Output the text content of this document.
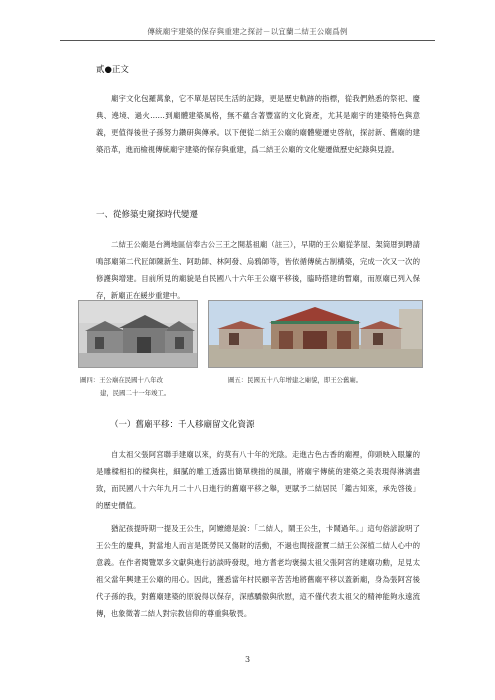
傳統廟宇建築的保存與重建之探討－以宜蘭二結王公廟爲例
貳●正文
廟宇文化包羅萬象，它不單是居民生活的記錄，更是歷史軌跡的指標，從我們熟悉的祭祀、慶典、遶境、過火……到廟體建築風格，無不蘊含著豐富的文化資產，尤其是廟宇的建築特色與意義，更值得後世子孫努力鑽研與傳承。以下便從二結王公廟的廟體變遷史啓航，探討新、舊廟的建築沿革，進而檢視傳統廟宇建築的保存與重建，爲二結王公廟的文化變遷做歷史紀錄與見證。
一、從修築史窺探時代變遷
二結王公廟是台灣地區信奉古公三王之開基祖廟（註三），早期的王公廟從茅屋、架筒厝到聘請鳴部廟第二代匠師陳新生、阿助師、林阿發、烏鴉師等，皆依循傳統古制構築，完成一次又一次的修護與增建。目前所見的廟貌是自民國八十六年王公廟平移後，臨時搭建的暫廟，而原廟已列入保存，新廟正在緩步重建中。
圖四：王公廟在民國十八年改
建，民國二十一年竣工。
圖五：民國五十八年增建之廟貌，即王公舊廟。
（一）舊廟平移：千人移廟留文化資源
自太祖父張阿宮聯手建廟以來，約莫有八十年的光陰。走進古色古香的廟裡，仰頭映入眼簾的是雕樑相扣的樑與柱，細膩的雕工透露出簡單樸拙的風韻，將廟宇傳統的建築之美表現得淋漓盡致，而民國八十六年九月二十八日進行的舊廟平移之舉，更賦予二結居民「鑑古知來，承先啓後」的歷史價值。
猶記孩提時期一提及王公生，阿嬤總是說：「二結人，鬧王公生，卡鬧過年。」這句俗諺說明了王公生的慶典，對當地人而言是既勞民又傷財的活動，不過也間接證實二結王公深植二結人心中的意義。在作者閱覽眾多文獻與進行訪談時發現，地方耆老均褒揚太祖父張阿宮的建廟功勳，足見太祖父當年興建王公廟的用心。因此，獲悉當年村民顧辛苦苦地將舊廟平移以蓋新廟，身為張阿宮後代子孫的我，對舊廟建築的原貌得以保存，深感驕傲與欣慰，這不僅代表太祖父的精神能夠永遠流傳，也象徵著二結人對宗教信仰的尊重與敬畏。
3
